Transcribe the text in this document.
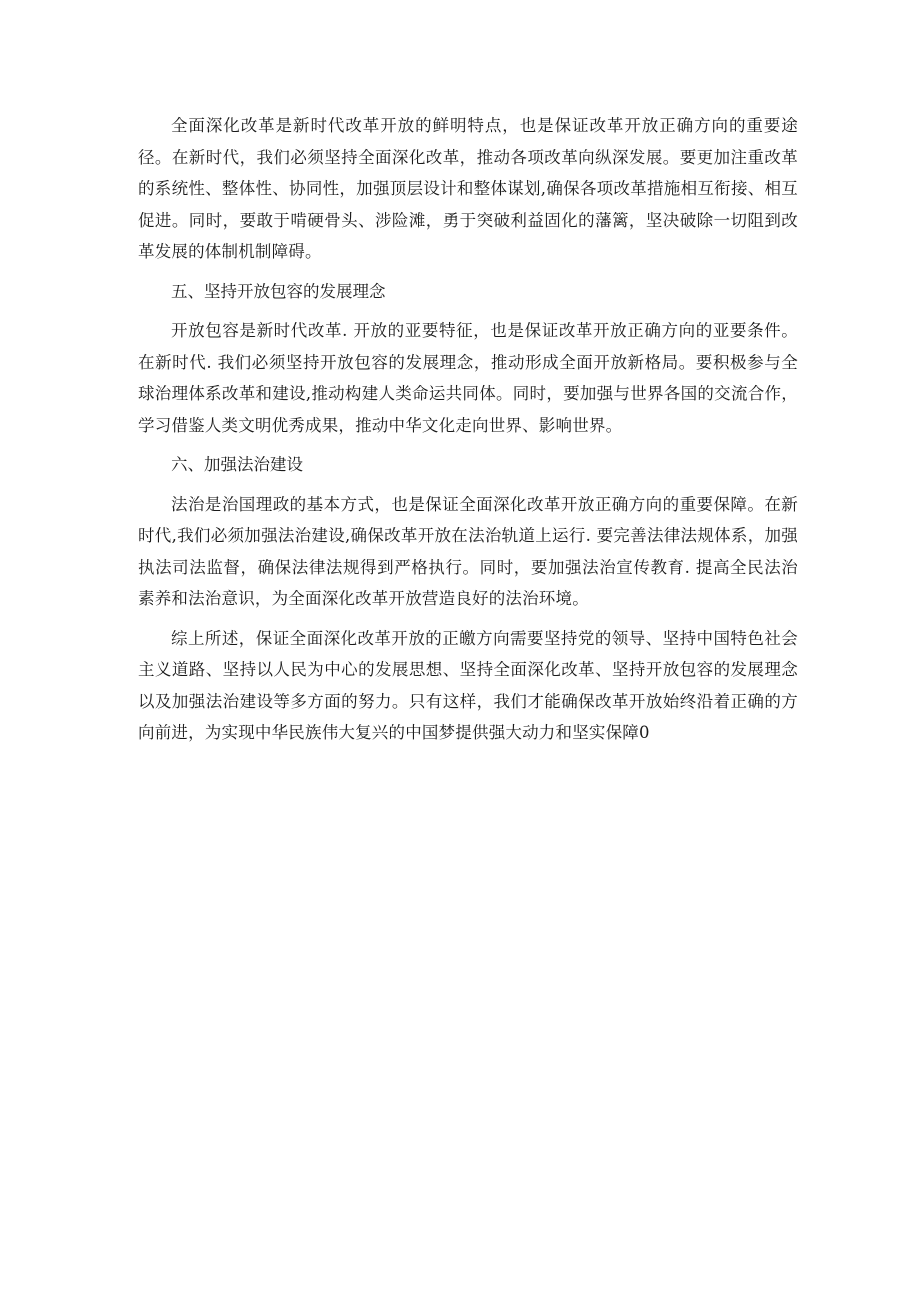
全面深化改革是新时代改革开放的鲜明特点，也是保证改革开放正确方向的重要途径。在新时代，我们必须坚持全面深化改革，推动各项改革向纵深发展。要更加注重改革的系统性、整体性、协同性，加强顶层设计和整体谋划,确保各项改革措施相互衔接、相互促进。同时，要敢于啃硬骨头、涉险滩，勇于突破利益固化的藩篱，坚决破除一切阻到改革发展的体制机制障碍。

五、坚持开放包容的发展理念

开放包容是新时代改革. 开放的亚要特征，也是保证改革开放正确方向的亚要条件。在新时代. 我们必须坚持开放包容的发展理念，推动形成全面开放新格局。要积极参与全球治理体系改革和建设,推动构建人类命运共同体。同时，要加强与世界各国的交流合作，学习借鉴人类文明优秀成果，推动中华文化走向世界、影响世界。

六、加强法治建设

法治是治国理政的基本方式，也是保证全面深化改革开放正确方向的重要保障。在新时代,我们必须加强法治建设,确保改革开放在法治轨道上运行. 要完善法律法规体系，加强执法司法监督，确保法律法规得到严格执行。同时，要加强法治宣传教育. 提高全民法治素养和法治意识，为全面深化改革开放营造良好的法治环境。

综上所述，保证全面深化改革开放的正皦方向需要坚持党的领导、坚持中国特色社会主义道路、坚持以人民为中心的发展思想、坚持全面深化改革、坚持开放包容的发展理念以及加强法治建设等多方面的努力。只有这样，我们才能确保改革开放始终沿着正确的方向前进，为实现中华民族伟大复兴的中国梦提供强大动力和坚实保障0
